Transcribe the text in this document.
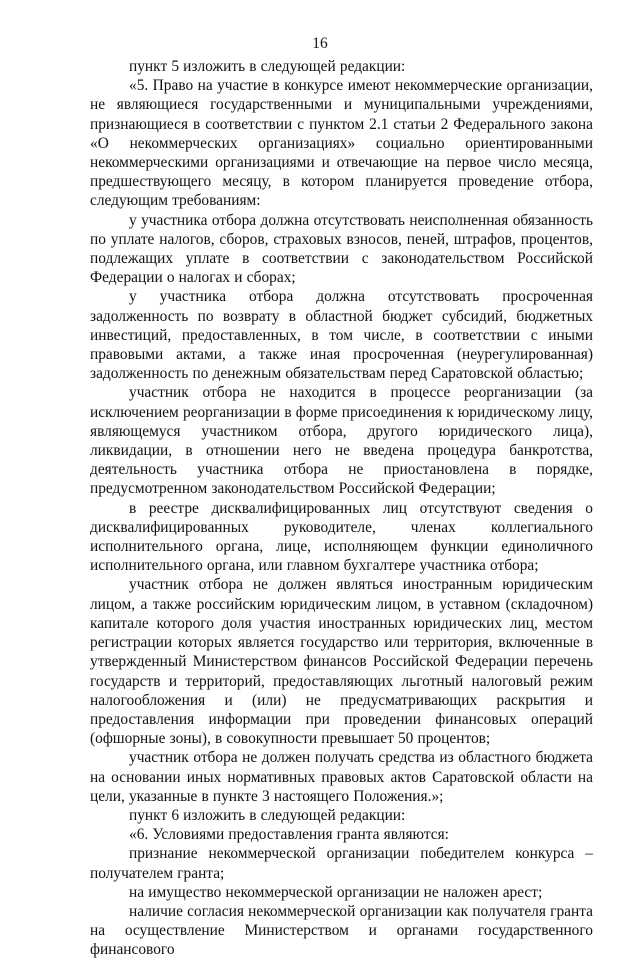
16

пункт 5 изложить в следующей редакции:

«5. Право на участие в конкурсе имеют некоммерческие организации, не являющиеся государственными и муниципальными учреждениями, признающиеся в соответствии с пунктом 2.1 статьи 2 Федерального закона «О некоммерческих организациях» социально ориентированными некоммерческими организациями и отвечающие на первое число месяца, предшествующего месяцу, в котором планируется проведение отбора, следующим требованиям:

у участника отбора должна отсутствовать неисполненная обязанность по уплате налогов, сборов, страховых взносов, пеней, штрафов, процентов, подлежащих уплате в соответствии с законодательством Российской Федерации о налогах и сборах;

у участника отбора должна отсутствовать просроченная задолженность по возврату в областной бюджет субсидий, бюджетных инвестиций, предоставленных, в том числе, в соответствии с иными правовыми актами, а также иная просроченная (неурегулированная) задолженность по денежным обязательствам перед Саратовской областью;

участник отбора не находится в процессе реорганизации (за исключением реорганизации в форме присоединения к юридическому лицу, являющемуся участником отбора, другого юридического лица), ликвидации, в отношении него не введена процедура банкротства, деятельность участника отбора не приостановлена в порядке, предусмотренном законодательством Российской Федерации;

в реестре дисквалифицированных лиц отсутствуют сведения о дисквалифицированных руководителе, членах коллегиального исполнительного органа, лице, исполняющем функции единоличного исполнительного органа, или главном бухгалтере участника отбора;

участник отбора не должен являться иностранным юридическим лицом, а также российским юридическим лицом, в уставном (складочном) капитале которого доля участия иностранных юридических лиц, местом регистрации которых является государство или территория, включенные в утвержденный Министерством финансов Российской Федерации перечень государств и территорий, предоставляющих льготный налоговый режим налогообложения и (или) не предусматривающих раскрытия и предоставления информации при проведении финансовых операций (офшорные зоны), в совокупности превышает 50 процентов;

участник отбора не должен получать средства из областного бюджета на основании иных нормативных правовых актов Саратовской области на цели, указанные в пункте 3 настоящего Положения.»;

пункт 6 изложить в следующей редакции:

«6. Условиями предоставления гранта являются:

признание некоммерческой организации победителем конкурса – получателем гранта;

на имущество некоммерческой организации не наложен арест;

наличие согласия некоммерческой организации как получателя гранта на осуществление Министерством и органами государственного финансового
